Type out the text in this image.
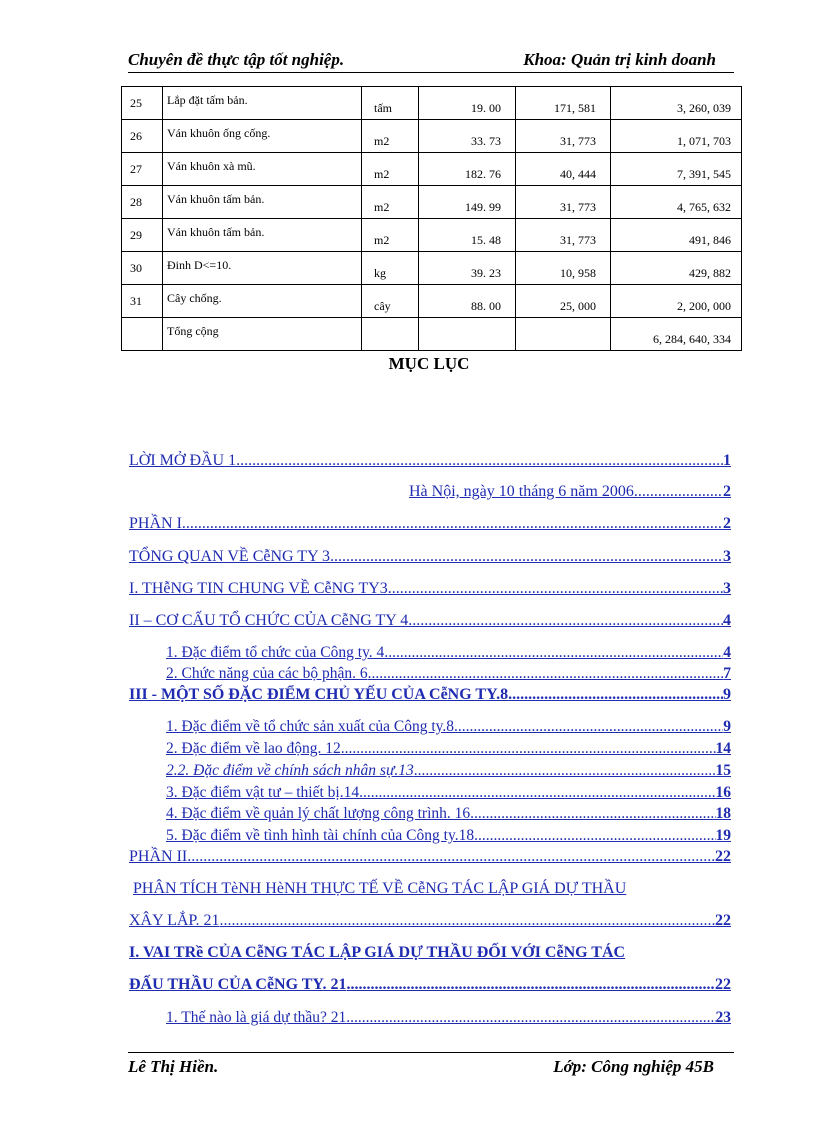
Chuyên đề thực tập tốt nghiệp.	Khoa: Quản trị kinh doanh
25	Lắp đặt tấm bản.	tấm	19. 00	171, 581	3, 260, 039
26	Ván khuôn ống cống.	m2	33. 73	31, 773	1, 071, 703
27	Ván khuôn xà mũ.	m2	182. 76	40, 444	7, 391, 545
28	Ván khuôn tấm bản.	m2	149. 99	31, 773	4, 765, 632
29	Ván khuôn tấm bản.	m2	15. 48	31, 773	491, 846
30	Đinh D<=10.	kg	39. 23	10, 958	429, 882
31	Cây chống.	cây	88. 00	25, 000	2, 200, 000
	Tổng cộng				6, 284, 640, 334
MỤC LỤC
LỜI MỞ ĐẦU 1 .....	1
Hà Nội, ngày 10 tháng 6 năm 2006. .....	2
PHẦN I .....	2
TỔNG QUAN VỀ CễNG TY 3 .....	3
I. THễNG TIN CHUNG VỀ CễNG TY3 .....	3
II – CƠ CẤU TỔ CHỨC CỦA CễNG TY 4 .....	4
1. Đặc điểm tổ chức của Công ty. 4 .....	4
2. Chức năng của các bộ phận. 6 .....	7
III - MỘT SỐ ĐẶC ĐIỂM CHỦ YẾU CỦA CễNG TY.8 .....	9
1. Đặc điểm về tổ chức sản xuất của Công ty.8 .....	9
2. Đặc điểm về lao động. 12 .....	14
2.2. Đặc điểm về chính sách nhân sự.13 .....	15
3. Đặc điểm vật tư – thiết bị.14 .....	16
4. Đặc điểm về quản lý chất lượng công trình. 16 .....	18
5. Đặc điểm về tình hình tài chính của Công ty.18 .....	19
PHẦN II .....	22
PHÂN TÍCH TèNH HèNH THỰC TẾ VỀ CễNG TÁC LẬP GIÁ DỰ THẦU
XÂY LẮP. 21 .....	22
I. VAI TRề CỦA CễNG TÁC LẬP GIÁ DỰ THẦU ĐỐI VỚI CễNG TÁC
ĐẤU THẦU CỦA CễNG TY. 21 .....	22
1. Thế nào là giá dự thầu? 21 .....	23
Lê Thị Hiền.	Lớp: Công nghiệp 45B
